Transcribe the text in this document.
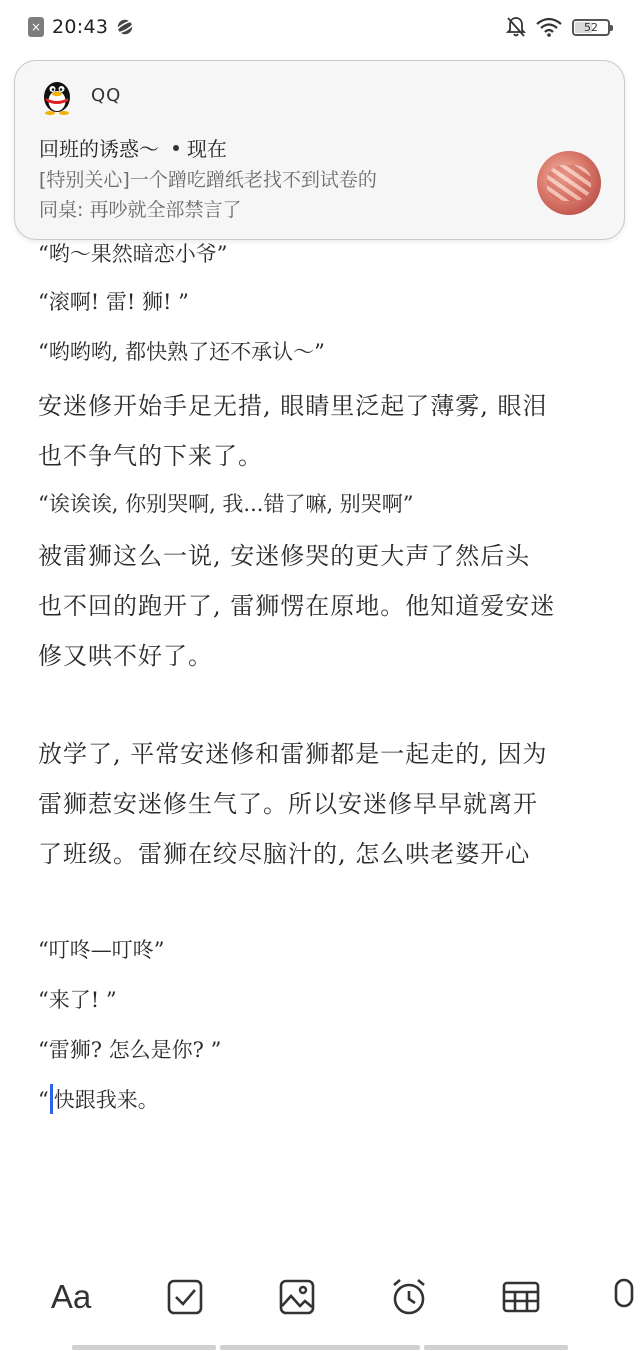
× 20:43	52
“哟～果然暗恋小爷”
“滚啊! 雷! 狮! ”
“哟哟哟, 都快熟了还不承认～”
安迷修开始手足无措, 眼睛里泛起了薄雾, 眼泪
也不争气的下来了。
“诶诶诶, 你别哭啊, 我...错了嘛, 别哭啊”
被雷狮这么一说, 安迷修哭的更大声了然后头
也不回的跑开了, 雷狮愣在原地。他知道爱安迷
修又哄不好了。
放学了, 平常安迷修和雷狮都是一起走的, 因为
雷狮惹安迷修生气了。所以安迷修早早就离开
了班级。雷狮在绞尽脑汁的, 怎么哄老婆开心
“叮咚—叮咚”
“来了! ”
“雷狮? 怎么是你? ”
“ 快跟我来。
QQ
回班的诱惑～ 现在
[特别关心]一个蹭吃蹭纸老找不到试卷的
同桌: 再吵就全部禁言了
Aa
